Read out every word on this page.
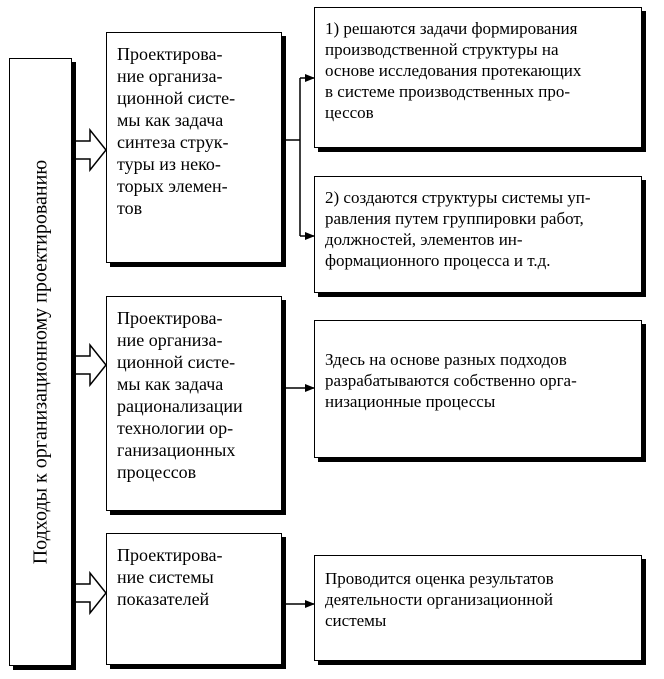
Подходы к организационному проектированию
Проектирова-
ние организа-
ционной систе-
мы как задача
синтеза струк-
туры из неко-
торых элемен-
тов
Проектирова-
ние организа-
ционной систе-
мы как задача
рационализации
технологии ор-
ганизационных
процессов
Проектирова-
ние системы
показателей
1) решаются задачи формирования
производственной структуры на
основе исследования протекающих
в системе производственных про-
цессов
2) создаются структуры системы уп-
равления путем группировки работ,
должностей, элементов ин-
формационного процесса и т.д.
Здесь на основе разных подходов
разрабатываются собственно орга-
низационные процессы
Проводится оценка результатов
деятельности организационной
системы
